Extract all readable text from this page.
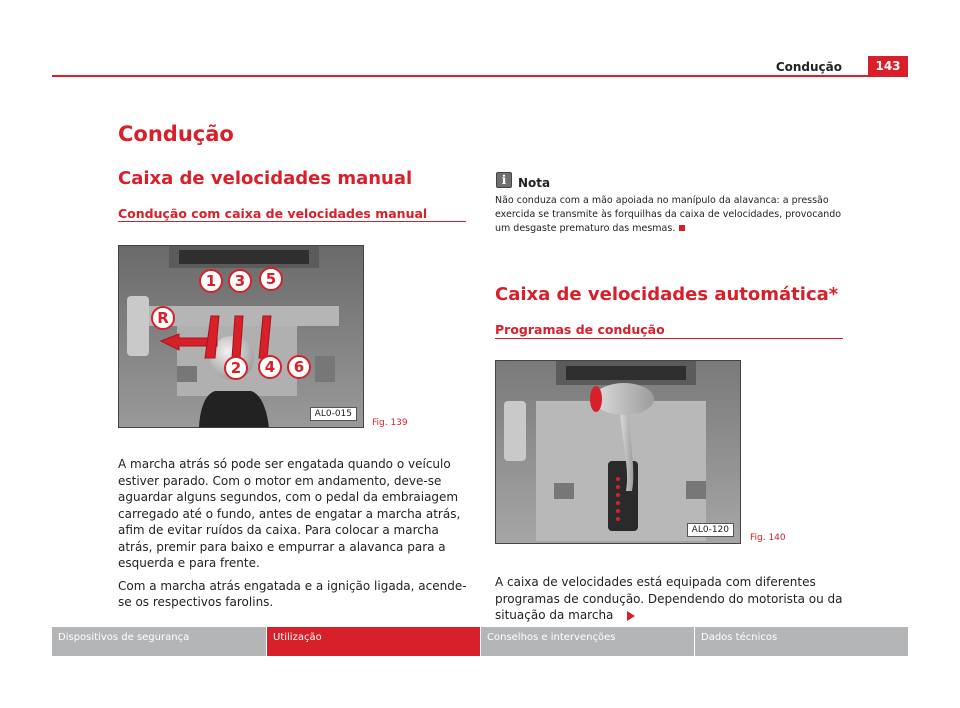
Condução	143
Condução
Caixa de velocidades manual
Condução com caixa de velocidades manual
1 3 5
R
2 4 6
AL0-015
Fig. 139

A marcha atrás só pode ser engatada quando o veículo estiver parado. Com o motor em andamento, deve-se aguardar alguns segundos, com o pedal da embraiagem carregado até o fundo, antes de engatar a marcha atrás, afim de evitar ruídos da caixa. Para colocar a marcha atrás, premir para baixo e empurrar a alavanca para a esquerda e para frente.

Com a marcha atrás engatada e a ignição ligada, acende-se os respectivos farolins.

i Nota
Não conduza com a mão apoiada no manípulo da alavanca: a pressão exercida se transmite às forquilhas da caixa de velocidades, provocando um desgaste prematuro das mesmas.
Caixa de velocidades automática*
Programas de condução
AL0-120
Fig. 140
A caixa de velocidades está equipada com diferentes programas de condução. Dependendo do motorista ou da situação da marcha
Dispositivos de segurança	Utilização	Conselhos e intervenções	Dados técnicos
